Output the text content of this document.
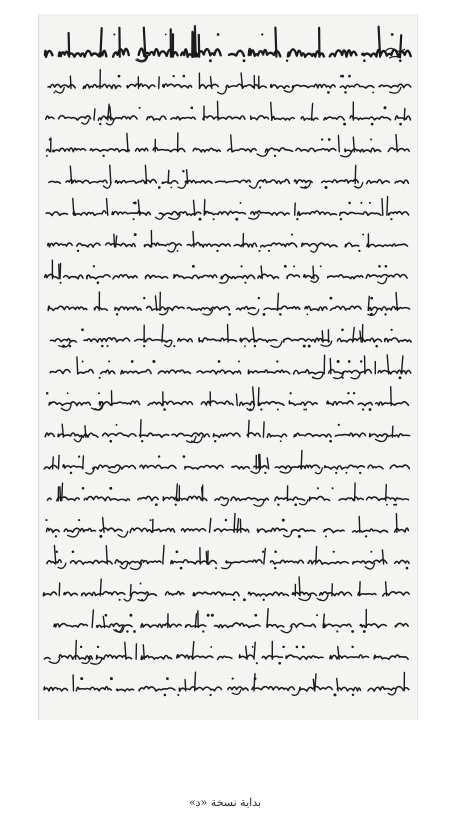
بداية نسخة «د»
